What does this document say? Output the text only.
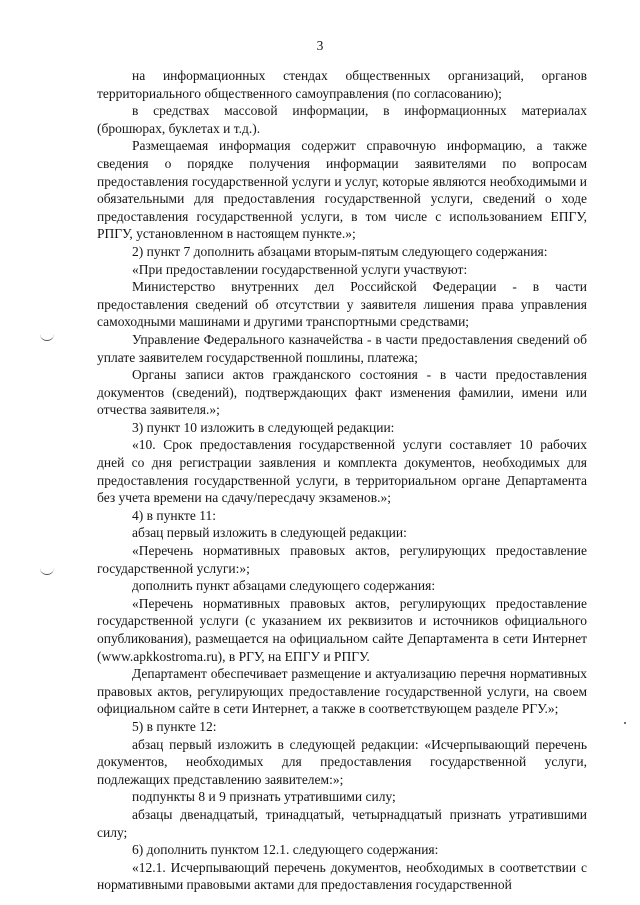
3

на информационных стендах общественных организаций, органов территориального общественного самоуправления (по согласованию);

в средствах массовой информации, в информационных материалах (брошюрах, буклетах и т.д.).

Размещаемая информация содержит справочную информацию, а также сведения о порядке получения информации заявителями по вопросам предоставления государственной услуги и услуг, которые являются необходимыми и обязательными для предоставления государственной услуги, сведений о ходе предоставления государственной услуги, в том числе с использованием ЕПГУ, РПГУ, установленном в настоящем пункте.»;

2) пункт 7 дополнить абзацами вторым-пятым следующего содержания:

«При предоставлении государственной услуги участвуют:

Министерство внутренних дел Российской Федерации - в части предоставления сведений об отсутствии у заявителя лишения права управления самоходными машинами и другими транспортными средствами;

Управление Федерального казначейства - в части предоставления сведений об уплате заявителем государственной пошлины, платежа;

Органы записи актов гражданского состояния - в части предоставления документов (сведений), подтверждающих факт изменения фамилии, имени или отчества заявителя.»;

3) пункт 10 изложить в следующей редакции:

«10. Срок предоставления государственной услуги составляет 10 рабочих дней со дня регистрации заявления и комплекта документов, необходимых для предоставления государственной услуги, в территориальном органе Департамента без учета времени на сдачу/пересдачу экзаменов.»;

4) в пункте 11:

абзац первый изложить в следующей редакции:

«Перечень нормативных правовых актов, регулирующих предоставление государственной услуги:»;

дополнить пункт абзацами следующего содержания:

«Перечень нормативных правовых актов, регулирующих предоставление государственной услуги (с указанием их реквизитов и источников официального опубликования), размещается на официальном сайте Департамента в сети Интернет (www.apkkostroma.ru), в РГУ, на ЕПГУ и РПГУ.

Департамент обеспечивает размещение и актуализацию перечня нормативных правовых актов, регулирующих предоставление государственной услуги, на своем официальном сайте в сети Интернет, а также в соответствующем разделе РГУ.»;

5) в пункте 12:

абзац первый изложить в следующей редакции: «Исчерпывающий перечень документов, необходимых для предоставления государственной услуги, подлежащих представлению заявителем:»;

подпункты 8 и 9 признать утратившими силу;

абзацы двенадцатый, тринадцатый, четырнадцатый признать утратившими силу;

6) дополнить пунктом 12.1. следующего содержания:

«12.1. Исчерпывающий перечень документов, необходимых в соответствии с нормативными правовыми актами для предоставления государственной
